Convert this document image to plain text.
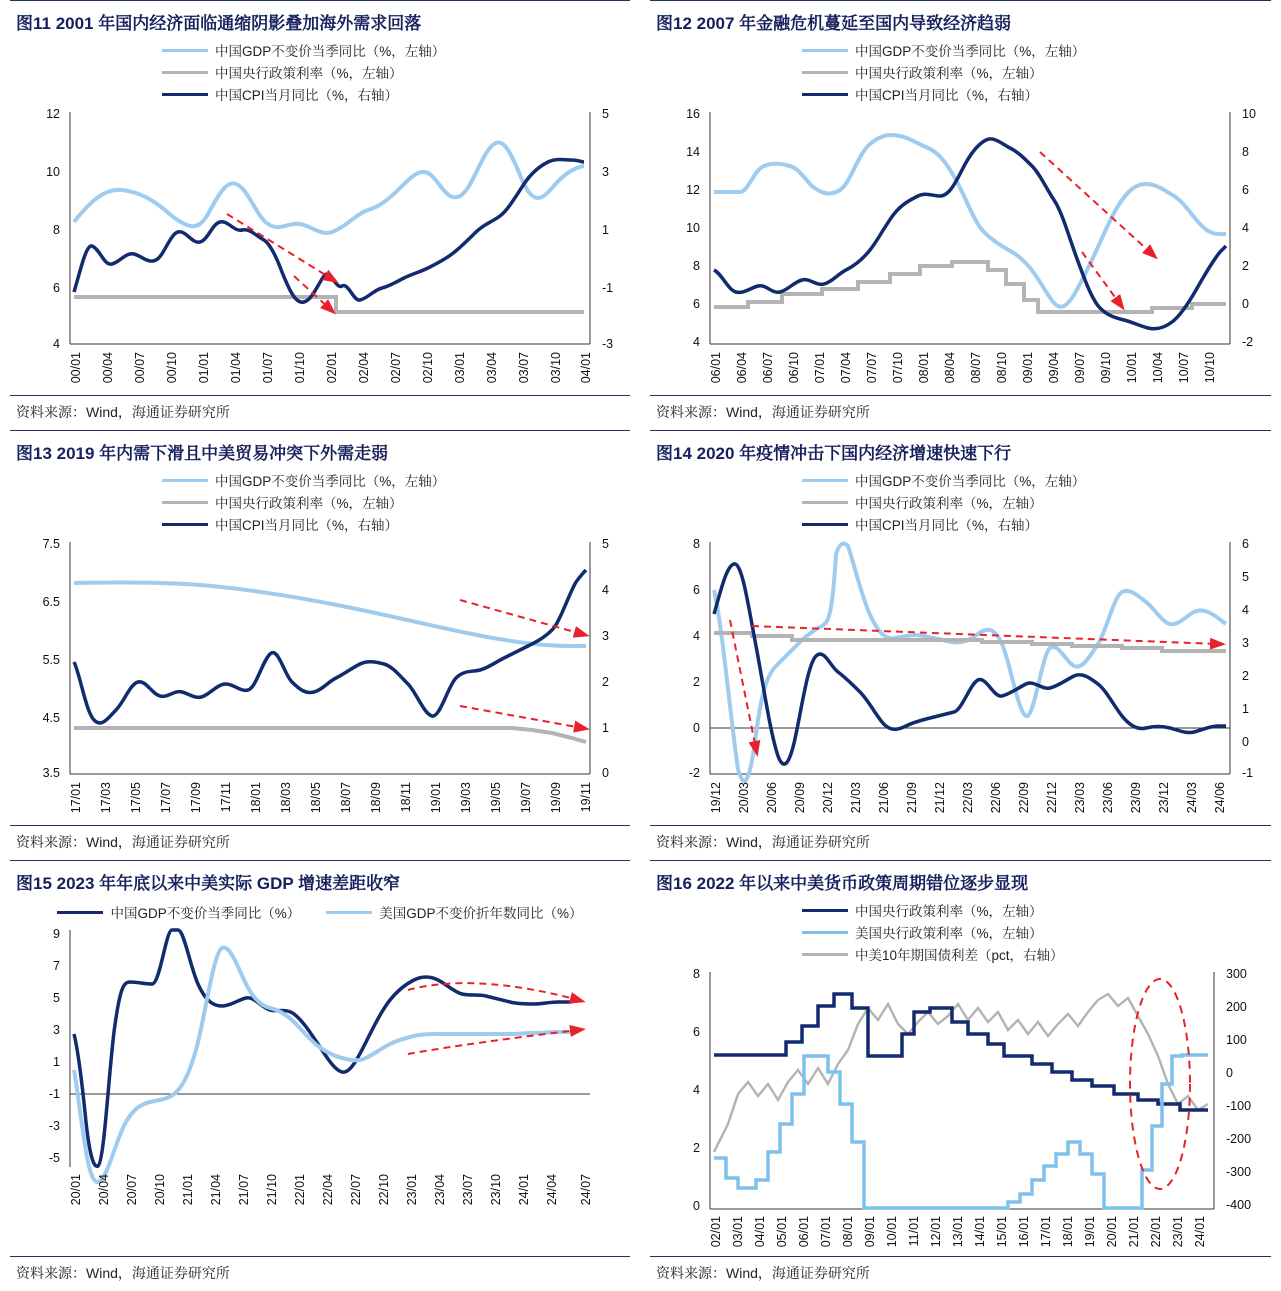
图11 2001 年国内经济面临通缩阴影叠加海外需求回落
中国GDP不变价当季同比（%，左轴）
中国央行政策利率（%，左轴）
中国CPI当月同比（%，右轴）
12
10
8
6
4
5
3
1
-1
-3
00/01 00/04 00/07 00/10 01/01 01/04 01/07 01/10 02/01 02/04 02/07 02/10 03/01 03/04 03/07 03/10 04/01
资料来源：Wind，海通证券研究所
图12 2007 年金融危机蔓延至国内导致经济趋弱
中国GDP不变价当季同比（%，左轴）
中国央行政策利率（%，左轴）
中国CPI当月同比（%，右轴）
16
14
12
10
8
6
4
10
8
6
4
2
0
-2
06/01 06/04 06/07 06/10 07/01 07/04 07/07 07/10 08/01 08/04 08/07 08/10 09/01 09/04 09/07 09/10 10/01 10/04 10/07 10/10
资料来源：Wind，海通证券研究所
图13 2019 年内需下滑且中美贸易冲突下外需走弱
中国GDP不变价当季同比（%，左轴）
中国央行政策利率（%，左轴）
中国CPI当月同比（%，右轴）
7.5
6.5
5.5
4.5
3.5
5
4
3
2
1
0
17/01 17/03 17/05 17/07 17/09 17/11 18/01 18/03 18/05 18/07 18/09 18/11 19/01 19/03 19/05 19/07 19/09 19/11
资料来源：Wind，海通证券研究所
图14 2020 年疫情冲击下国内经济增速快速下行
中国GDP不变价当季同比（%，左轴）
中国央行政策利率（%，左轴）
中国CPI当月同比（%，右轴）
8
6
4
2
0
-2
6
5
4
3
2
1
0
-1
19/12 20/03 20/06 20/09 20/12 21/03 21/06 21/09 21/12 22/03 22/06 22/09 22/12 23/03 23/06 23/09 23/12 24/03 24/06
资料来源：Wind，海通证券研究所
图15 2023 年年底以来中美实际 GDP 增速差距收窄
中国GDP不变价当季同比（%）	美国GDP不变价折年数同比（%）
9
7
5
3
1
-1
-3
-5
20/01 20/04 20/07 20/10 21/01 21/04 21/07 21/10 22/01 22/04 22/07 22/10 23/01 23/04 23/07 23/10 24/01 24/04 24/07
资料来源：Wind，海通证券研究所
图16 2022 年以来中美货币政策周期错位逐步显现
中国央行政策利率（%，左轴）
美国央行政策利率（%，左轴）
中美10年期国债利差（pct，右轴）
8
6
4
2
0
300
200
100
0
-100
-200
-300
-400
02/01 03/01 04/01 05/01 06/01 07/01 08/01 09/01 10/01 11/01 12/01 13/01 14/01 15/01 16/01 17/01 18/01 19/01 20/01 21/01 22/01 23/01 24/01
资料来源：Wind，海通证券研究所
